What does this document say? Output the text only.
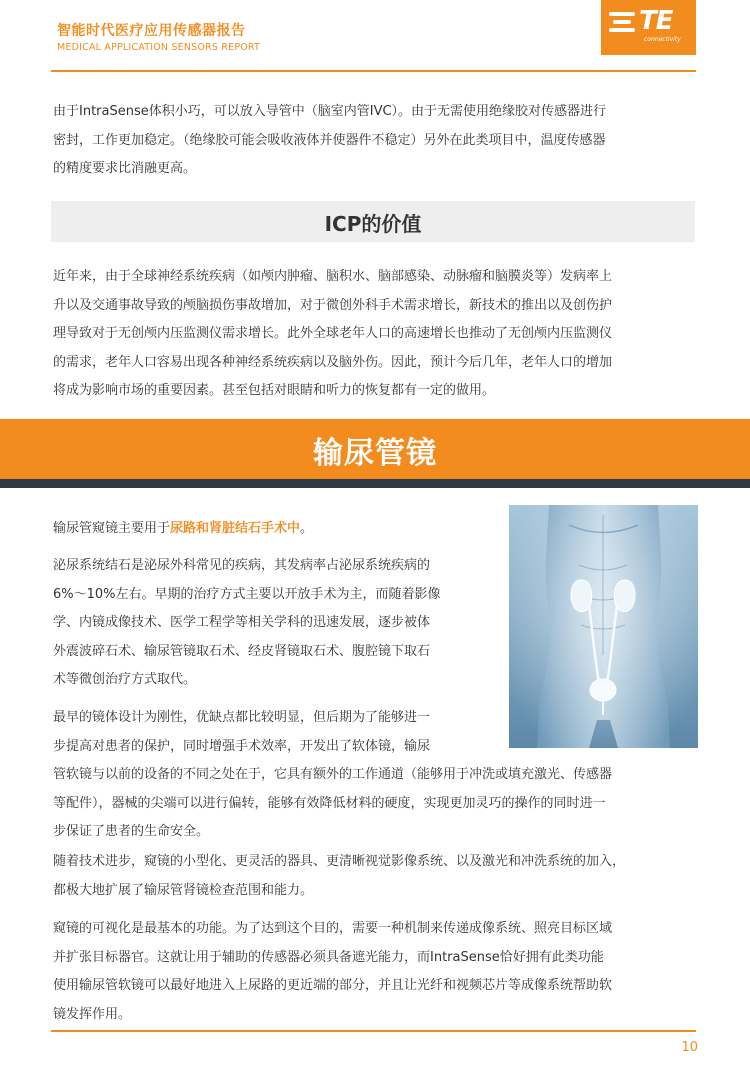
智能时代医疗应用传感器报告
MEDICAL APPLICATION SENSORS REPORT
TE
connectivity

由于IntraSense体积小巧，可以放入导管中（脑室内管IVC）。由于无需使用绝缘胶对传感器进行

密封，工作更加稳定。（绝缘胶可能会吸收液体并使器件不稳定）另外在此类项目中，温度传感器

的精度要求比消融更高。

ICP的价值

近年来，由于全球神经系统疾病（如颅内肿瘤、脑积水、脑部感染、动脉瘤和脑膜炎等）发病率上

升以及交通事故导致的颅脑损伤事故增加，对于微创外科手术需求增长，新技术的推出以及创伤护

理导致对于无创颅内压监测仪需求增长。此外全球老年人口的高速增长也推动了无创颅内压监测仪

的需求，老年人口容易出现各种神经系统疾病以及脑外伤。因此，预计今后几年，老年人口的增加

将成为影响市场的重要因素。甚至包括对眼睛和听力的恢复都有一定的做用。

输尿管镜

输尿管窥镜主要用于尿路和肾脏结石手术中。

泌尿系统结石是泌尿外科常见的疾病，其发病率占泌尿系统疾病的

6%～10%左右。早期的治疗方式主要以开放手术为主，而随着影像

学、内镜成像技术、医学工程学等相关学科的迅速发展，逐步被体

外震波碎石术、输尿管镜取石术、经皮肾镜取石术、腹腔镜下取石

术等微创治疗方式取代。

最早的镜体设计为刚性，优缺点都比较明显，但后期为了能够进一

步提高对患者的保护，同时增强手术效率，开发出了软体镜，输尿

管软镜与以前的设备的不同之处在于，它具有额外的工作通道（能够用于冲洗或填充激光、传感器

等配件），器械的尖端可以进行偏转，能够有效降低材料的硬度，实现更加灵巧的操作的同时进一

步保证了患者的生命安全。

随着技术进步，窥镜的小型化、更灵活的器具、更清晰视觉影像系统、以及激光和冲洗系统的加入，

都极大地扩展了输尿管肾镜检查范围和能力。

窥镜的可视化是最基本的功能。为了达到这个目的，需要一种机制来传递成像系统、照亮目标区域

并扩张目标器官。这就让用于辅助的传感器必须具备遮光能力，而IntraSense恰好拥有此类功能

使用输尿管软镜可以最好地进入上尿路的更近端的部分，并且让光纤和视频芯片等成像系统帮助软

镜发挥作用。

10
